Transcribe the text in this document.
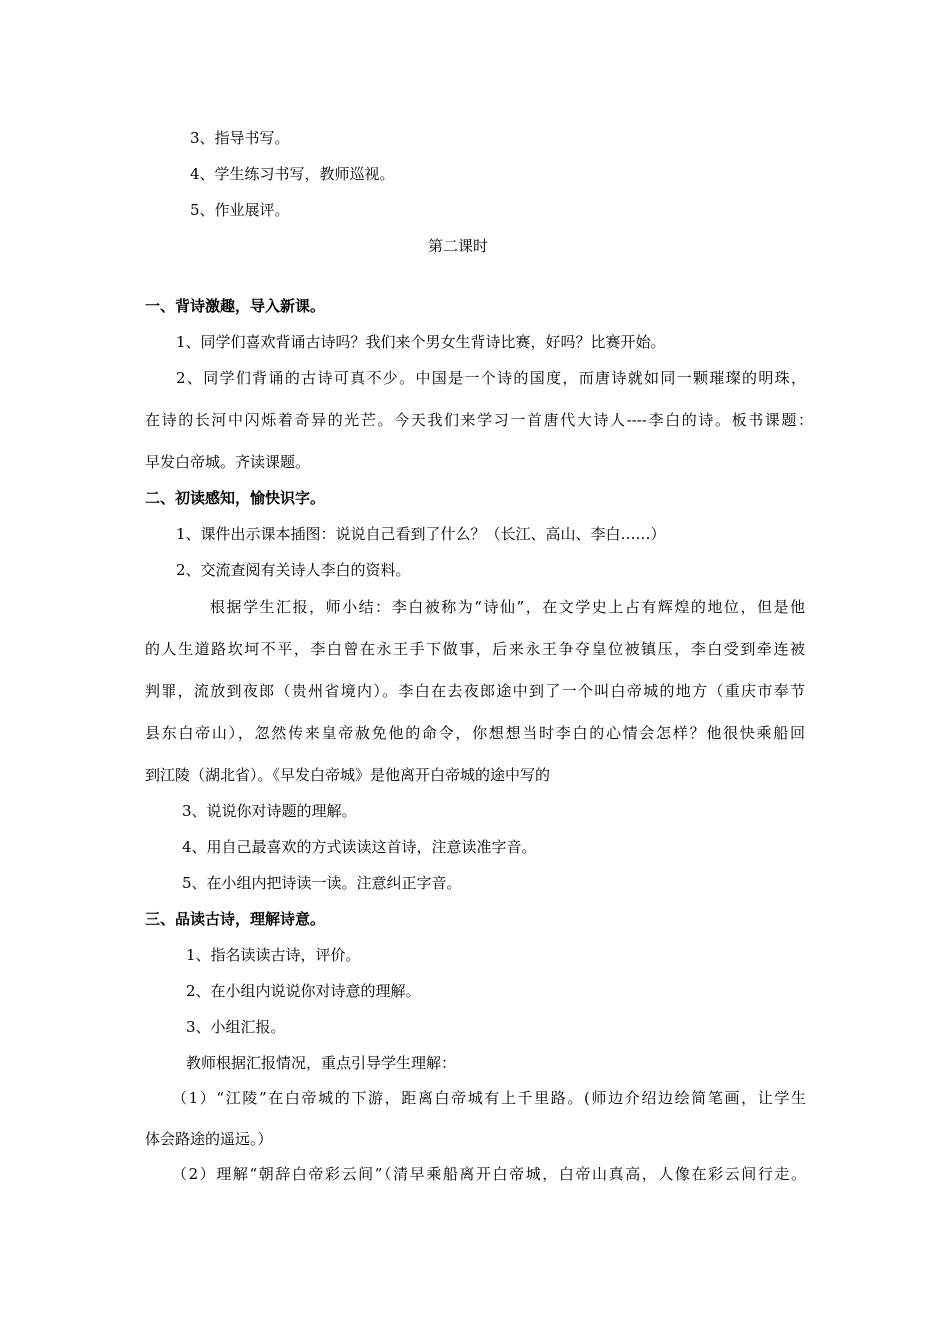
3、指导书写。
4、学生练习书写，教师巡视。
5、作业展评。
第二课时
一、背诗激趣，导入新课。
1、同学们喜欢背诵古诗吗？我们来个男女生背诗比赛，好吗？比赛开始。
2、同学们背诵的古诗可真不少。中国是一个诗的国度，而唐诗就如同一颗璀璨的明珠，
在诗的长河中闪烁着奇异的光芒。今天我们来学习一首唐代大诗人----李白的诗。板书课题：
早发白帝城。齐读课题。
二、初读感知，愉快识字。
1、课件出示课本插图：说说自己看到了什么？（长江、高山、李白……）
2、交流查阅有关诗人李白的资料。
根据学生汇报，师小结：李白被称为“诗仙”，在文学史上占有辉煌的地位，但是他
的人生道路坎坷不平，李白曾在永王手下做事，后来永王争夺皇位被镇压，李白受到牵连被
判罪，流放到夜郎（贵州省境内）。李白在去夜郎途中到了一个叫白帝城的地方（重庆市奉节
县东白帝山），忽然传来皇帝赦免他的命令，你想想当时李白的心情会怎样？他很快乘船回
到江陵（湖北省）。《早发白帝城》是他离开白帝城的途中写的
3、说说你对诗题的理解。
4、用自己最喜欢的方式读读这首诗，注意读准字音。
5、在小组内把诗读一读。注意纠正字音。
三、品读古诗，理解诗意。
1、指名读读古诗，评价。
2、在小组内说说你对诗意的理解。
3、小组汇报。
教师根据汇报情况，重点引导学生理解：
（1）“江陵”在白帝城的下游，距离白帝城有上千里路。(师边介绍边绘简笔画，让学生
体会路途的遥远。）
（2）理解“朝辞白帝彩云间”（清早乘船离开白帝城，白帝山真高，人像在彩云间行走。
